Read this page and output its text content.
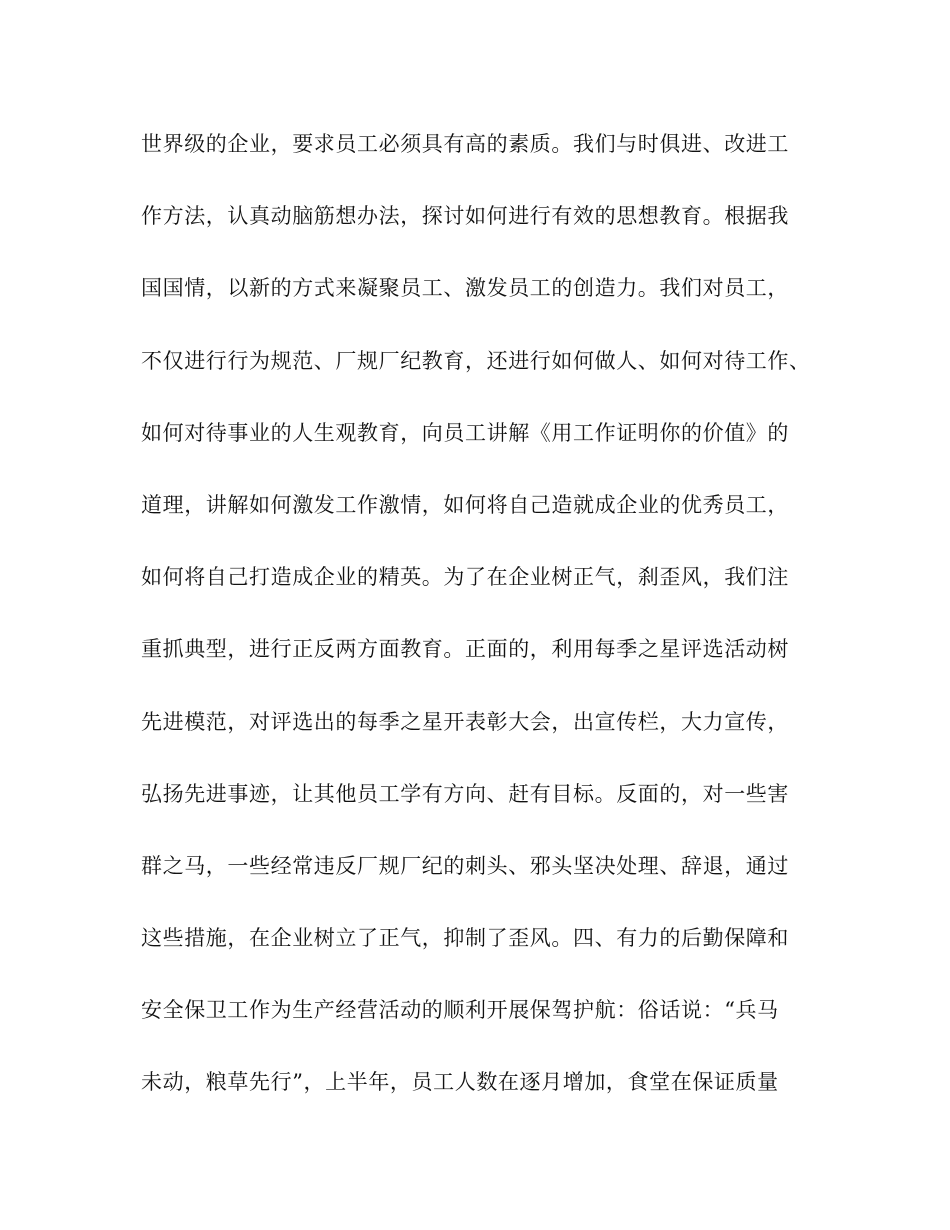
世界级的企业，要求员工必须具有高的素质。我们与时俱进、改进工
作方法，认真动脑筋想办法，探讨如何进行有效的思想教育。根据我
国国情，以新的方式来凝聚员工、激发员工的创造力。我们对员工，
不仅进行行为规范、厂规厂纪教育，还进行如何做人、如何对待工作、
如何对待事业的人生观教育，向员工讲解《用工作证明你的价值》的
道理，讲解如何激发工作激情，如何将自己造就成企业的优秀员工，
如何将自己打造成企业的精英。为了在企业树正气，刹歪风，我们注
重抓典型，进行正反两方面教育。正面的，利用每季之星评选活动树
先进模范，对评选出的每季之星开表彰大会，出宣传栏，大力宣传，
弘扬先进事迹，让其他员工学有方向、赶有目标。反面的，对一些害
群之马，一些经常违反厂规厂纪的刺头、邪头坚决处理、辞退，通过
这些措施，在企业树立了正气，抑制了歪风。四、有力的后勤保障和
安全保卫工作为生产经营活动的顺利开展保驾护航：俗话说：“兵马
未动，粮草先行”，上半年，员工人数在逐月增加，食堂在保证质量
